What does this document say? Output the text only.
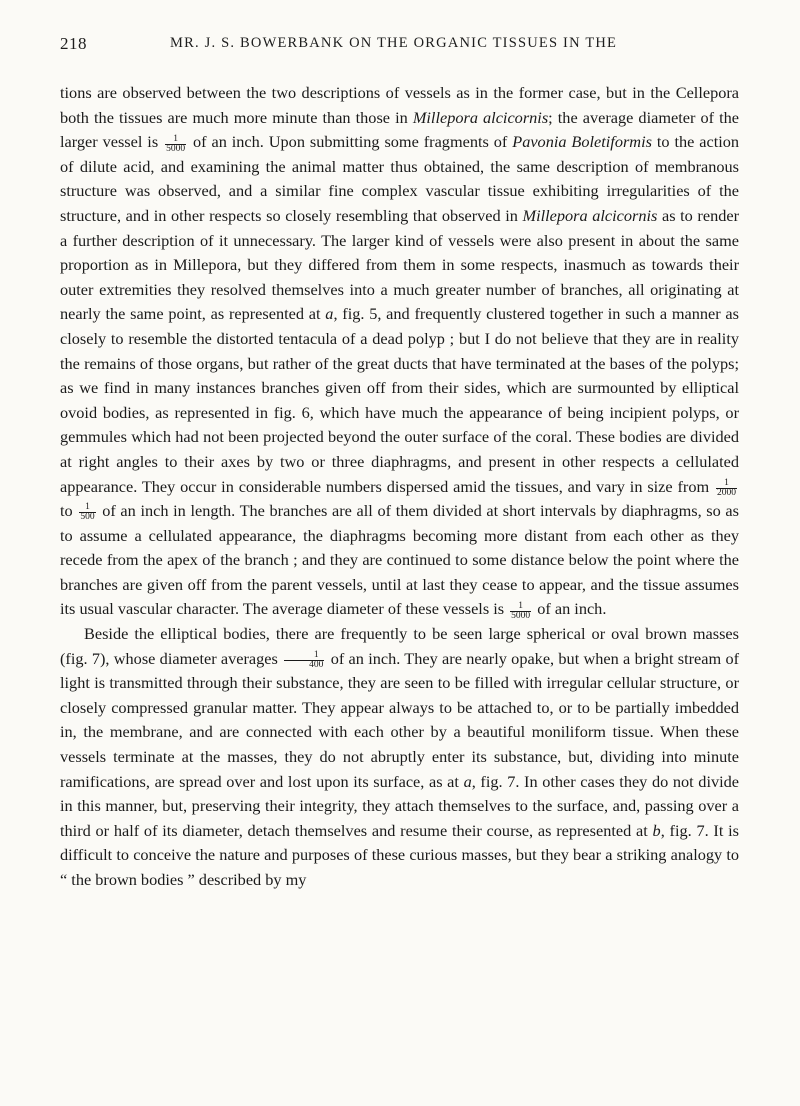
218	MR. J. S. BOWERBANK ON THE ORGANIC TISSUES IN THE

tions are observed between the two descriptions of vessels as in the former case, but in the Cellepora both the tissues are much more minute than those in Millepora alcicornis; the average diameter of the larger vessel is $\frac{1}{5000}$ of an inch. Upon submitting some fragments of Pavonia Boletiformis to the action of dilute acid, and examining the animal matter thus obtained, the same description of membranous structure was observed, and a similar fine complex vascular tissue exhibiting irregularities of the structure, and in other respects so closely resembling that observed in Millepora alcicornis as to render a further description of it unnecessary. The larger kind of vessels were also present in about the same proportion as in Millepora, but they differed from them in some respects, inasmuch as towards their outer extremities they resolved themselves into a much greater number of branches, all originating at nearly the same point, as represented at a, fig. 5, and frequently clustered together in such a manner as closely to resemble the distorted tentacula of a dead polyp ; but I do not believe that they are in reality the remains of those organs, but rather of the great ducts that have terminated at the bases of the polyps; as we find in many instances branches given off from their sides, which are surmounted by elliptical ovoid bodies, as represented in fig. 6, which have much the appearance of being incipient polyps, or gemmules which had not been projected beyond the outer surface of the coral. These bodies are divided at right angles to their axes by two or three diaphragms, and present in other respects a cellulated appearance. They occur in considerable numbers dispersed amid the tissues, and vary in size from $\frac{1}{2000}$
to $\frac{1}{500}$ of an inch in length. The branches are all of them divided at short intervals by diaphragms, so as to assume a cellulated appearance, the diaphragms becoming more distant from each other as they recede from the apex of the branch ; and they are continued to some distance below the point where the branches are given off from the parent vessels, until at last they cease to appear, and the tissue assumes its usual vascular character. The average diameter of these vessels is $\frac{1}{5000}$ of an inch.

Beside the elliptical bodies, there are frequently to be seen large spherical or oval brown masses (fig. 7), whose diameter averages $\frac{1}{400}$ of an inch. They are nearly opake, but when a bright stream of light is transmitted through their substance, they are seen to be filled with irregular cellular structure, or closely compressed granular matter. They appear always to be attached to, or to be partially imbedded in, the membrane, and are connected with each other by a beautiful moniliform tissue. When these vessels terminate at the masses, they do not abruptly enter its substance, but, dividing into minute ramifications, are spread over and lost upon its surface, as at a, fig. 7. In other cases they do not divide in this manner, but, preserving their integrity, they attach themselves to the surface, and, passing over a third or half of its diameter, detach themselves and resume their course, as represented at b, fig. 7. It is difficult to conceive the nature and purposes of these curious masses, but they bear a striking analogy to “ the brown bodies ” described by my
